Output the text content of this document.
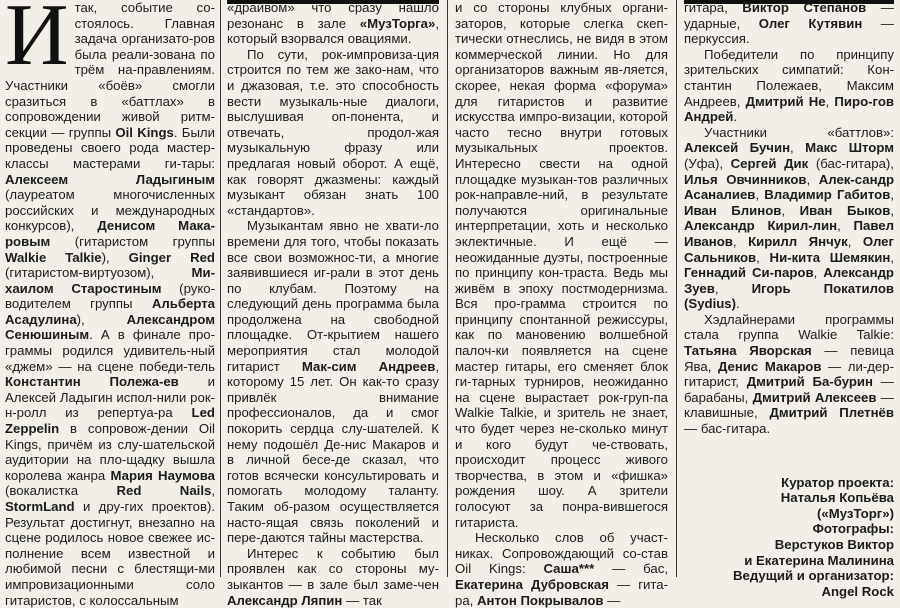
И так, событие со-стоялось. Главная задача организато-ров была реали-зована по трём на-правлениям. Участники «боёв» смогли сразиться в «баттлах» в сопровождении живой ритм-секции — группы Oil Kings. Были проведены своего рода мастер-классы мастерами ги-тары: Алексеем Ладыгиным (лауреатом многочисленных российских и международных конкурсов), Денисом Мака-ровым (гитаристом группы Walkie Talkie), Ginger Red (гитаристом-виртуозом), Ми-хаилом Старостиным (руко-водителем группы Альберта Асадулина), Александром Сенюшиным. А в финале про-граммы родился удивитель-ный «джем» — на сцене победи-тель Константин Полежа-ев и Алексей Ладыгин испол-нили рок-н-ролл из репертуа-ра Led Zeppelin в сопровож-дении Oil Kings, причём из слу-шательской аудитории на пло-щадку вышла королева жанра Мария Наумова (вокалистка Red Nails, StormLand и дру-гих проектов). Результат достигнут, внезапно на сцене родилось новое свежее ис-полнение всем известной и любимой песни с блестящи-ми импровизационными соло гитаристов, с колоссальным

«драйвом» что сразу нашло резонанс в зале «МузТорга», который взорвался овациями.

По сути, рок-импровиза-ция строится по тем же зако-нам, что и джазовая, т.е. это способность вести музыкаль-ные диалоги, выслушивая оп-понента, и отвечать, продол-жая музыкальную фразу или предлагая новый оборот. А ещё, как говорят джазмены: каждый музыкант обязан знать 100 «стандартов».

Музыкантам явно не хвати-ло времени для того, чтобы показать все свои возможнос-ти, а многие заявившиеся иг-рали в этот день по клубам. Поэтому на следующий день программа была продолжена на свободной площадке. От-крытием нашего мероприятия стал молодой гитарист Мак-сим Андреев, которому 15 лет. Он как-то сразу привлёк внимание профессионалов, да и смог покорить сердца слу-шателей. К нему подошёл Де-нис Макаров и в личной бесе-де сказал, что готов всячески консультировать и помогать молодому таланту. Таким об-разом осуществляется насто-ящая связь поколений и пере-даются тайны мастерства.

Интерес к событию был проявлен как со стороны му-зыкантов — в зале был заме-чен Александр Ляпин — так

и со стороны клубных органи-заторов, которые слегка скеп-тически отнеслись, не видя в этом коммерческой линии. Но для организаторов важным яв-ляется, скорее, некая форма «форума» для гитаристов и развитие искусства импро-визации, которой часто тесно внутри готовых музыкальных проектов. Интересно свести на одной площадке музыкан-тов различных рок-направле-ний, в результате получаются оригинальные интерпретации, хоть и несколько эклектичные. И ещё — неожиданные дуэты, построенные по принципу кон-траста. Ведь мы живём в эпоху постмодернизма. Вся про-грамма строится по принципу спонтанной режиссуры, как по мановению волшебной палоч-ки появляется на сцене мастер гитары, его сменяет блок ги-тарных турниров, неожиданно на сцене вырастает рок-груп-па Walkie Talkie, и зритель не знает, что будет через не-сколько минут и кого будут че-ствовать, происходит процесс живого творчества, в этом и «фишка» рождения шоу. А зрители голосуют за понра-вившегося гитариста.

Несколько слов об участ-никах. Сопровождающий со-став Oil Kings: Саша*** — бас, Екатерина Дубровская — гита-ра, Антон Покрывалов —

гитара, Виктор Степанов — ударные, Олег Кутявин — перкуссия.

Победители по принципу зрительских симпатий: Кон-стантин Полежаев, Максим Андреев, Дмитрий Не, Пиро-гов Андрей.

Участники «баттлов»: Алексей Бучин, Макс Шторм (Уфа), Сергей Дик (бас-гитара), Илья Овчинников, Алек-сандр Асаналиев, Владимир Габитов, Иван Блинов, Иван Быков, Александр Кирил-лин, Павел Иванов, Кирилл Янчук, Олег Сальников, Ни-кита Шемякин, Геннадий Си-паров, Александр Зуев, Игорь Покатилов (Sydius).

Хэдлайнерами программы стала группа Walkie Talkie: Татьяна Яворская — певица Ява, Денис Макаров — ли-дер-гитарист, Дмитрий Ба-бурин — барабаны, Дмитрий Алексеев — клавишные, Дмитрий Плетнёв — бас-гитара.

Куратор проекта:
Наталья Копьёва
(«МузТорг»)
Фотографы:
Верстуков Виктор
и Екатерина Малинина
Ведущий и организатор:
Angel Rock
